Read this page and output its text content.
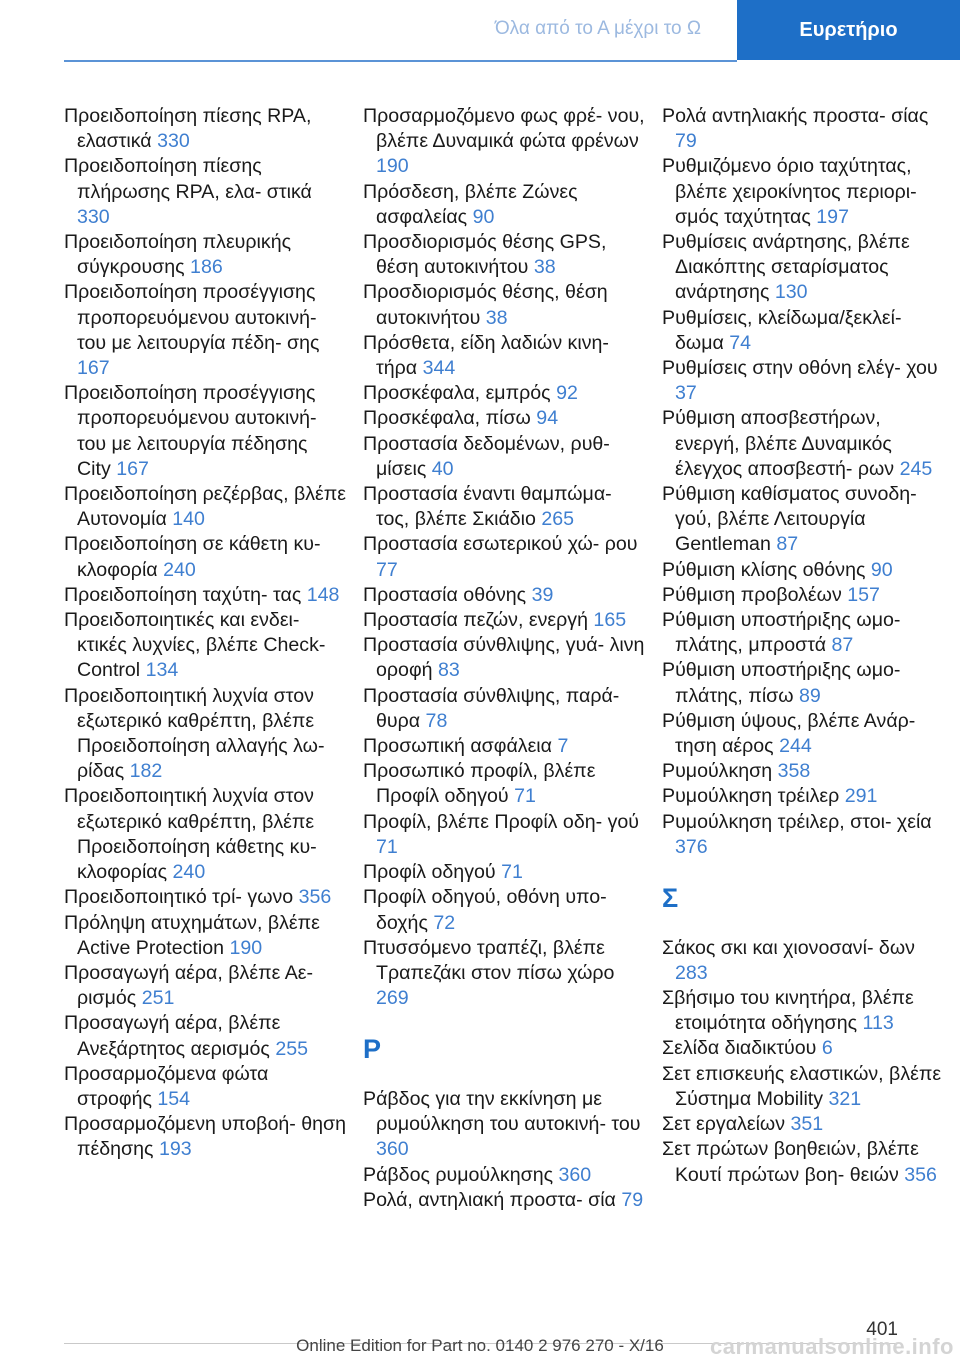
Όλα από το Α μέχρι το Ω	Ευρετήριο
Προειδοποίηση πίεσης RPA, ελαστικά 330
Προειδοποίηση πίεσης πλήρωσης RPA, ελα‐ στικά 330
Προειδοποίηση πλευρικής σύγκρουσης 186
Προειδοποίηση προσέγγισης προπορευόμενου αυτοκινή‐ του με λειτουργία πέδη‐ σης 167
Προειδοποίηση προσέγγισης προπορευόμενου αυτοκινή‐ του με λειτουργία πέδησης City 167
Προειδοποίηση ρεζέρβας, βλέπε Αυτονομία 140
Προειδοποίηση σε κάθετη κυ‐ κλοφορία 240
Προειδοποίηση ταχύτη‐ τας 148
Προειδοποιητικές και ενδει‐ κτικές λυχνίες, βλέπε Check-Control 134
Προειδοποιητική λυχνία στον εξωτερικό καθρέπτη, βλέπε Προειδοποίηση αλλαγής λω‐ ρίδας 182
Προειδοποιητική λυχνία στον εξωτερικό καθρέπτη, βλέπε Προειδοποίηση κάθετης κυ‐ κλοφορίας 240
Προειδοποιητικό τρί‐ γωνο 356
Πρόληψη ατυχημάτων, βλέπε Active Protection 190
Προσαγωγή αέρα, βλέπε Αε‐ ρισμός 251
Προσαγωγή αέρα, βλέπε Ανεξάρτητος αερισμός 255
Προσαρμοζόμενα φώτα στροφής 154
Προσαρμοζόμενη υποβοή‐ θηση πέδησης 193
Προσαρμοζόμενο φως φρέ‐ νου, βλέπε Δυναμικά φώτα φρένων 190
Πρόσδεση, βλέπε Ζώνες ασφαλείας 90
Προσδιορισμός θέσης GPS, θέση αυτοκινήτου 38
Προσδιορισμός θέσης, θέση αυτοκινήτου 38
Πρόσθετα, είδη λαδιών κινη‐ τήρα 344
Προσκέφαλα, εμπρός 92
Προσκέφαλα, πίσω 94
Προστασία δεδομένων, ρυθ‐ μίσεις 40
Προστασία έναντι θαμπώμα‐ τος, βλέπε Σκιάδιο 265
Προστασία εσωτερικού χώ‐ ρου 77
Προστασία οθόνης 39
Προστασία πεζών, ενεργή 165
Προστασία σύνθλιψης, γυά‐ λινη οροφή 83
Προστασία σύνθλιψης, παρά‐ θυρα 78
Προσωπική ασφάλεια 7
Προσωπικό προφίλ, βλέπε Προφίλ οδηγού 71
Προφίλ, βλέπε Προφίλ οδη‐ γού 71
Προφίλ οδηγού 71
Προφίλ οδηγού, οθόνη υπο‐ δοχής 72
Πτυσσόμενο τραπέζι, βλέπε Τραπεζάκι στον πίσω χώρο 269
Ρ
Ράβδος για την εκκίνηση με ρυμούλκηση του αυτοκινή‐ του 360
Ράβδος ρυμούλκησης 360
Ρολά, αντηλιακή προστα‐ σία 79
Ρολά αντηλιακής προστα‐ σίας 79
Ρυθμιζόμενο όριο ταχύτητας, βλέπε χειροκίνητος περιορι‐ σμός ταχύτητας 197
Ρυθμίσεις ανάρτησης, βλέπε Διακόπτης σεταρίσματος ανάρτησης 130
Ρυθμίσεις, κλείδωμα/ξεκλεί‐ δωμα 74
Ρυθμίσεις στην οθόνη ελέγ‐ χου 37
Ρύθμιση αποσβεστήρων, ενεργή, βλέπε Δυναμικός έλεγχος αποσβεστή‐ ρων 245
Ρύθμιση καθίσματος συνοδη‐ γού, βλέπε Λειτουργία Gentleman 87
Ρύθμιση κλίσης οθόνης 90
Ρύθμιση προβολέων 157
Ρύθμιση υποστήριξης ωμο‐ πλάτης, μπροστά 87
Ρύθμιση υποστήριξης ωμο‐ πλάτης, πίσω 89
Ρύθμιση ύψους, βλέπε Ανάρ‐ τηση αέρος 244
Ρυμούλκηση 358
Ρυμούλκηση τρέιλερ 291
Ρυμούλκηση τρέιλερ, στοι‐ χεία 376
Σ
Σάκος σκι και χιονοσανί‐ δων 283
Σβήσιμο του κινητήρα, βλέπε ετοιμότητα οδήγησης 113
Σελίδα διαδικτύου 6
Σετ επισκευής ελαστικών, βλέπε Σύστημα Mobility 321
Σετ εργαλείων 351
Σετ πρώτων βοηθειών, βλέπε Κουτί πρώτων βοη‐ θειών 356
401
Online Edition for Part no. 0140 2 976 270 - X/16	carmanualsonline.info
